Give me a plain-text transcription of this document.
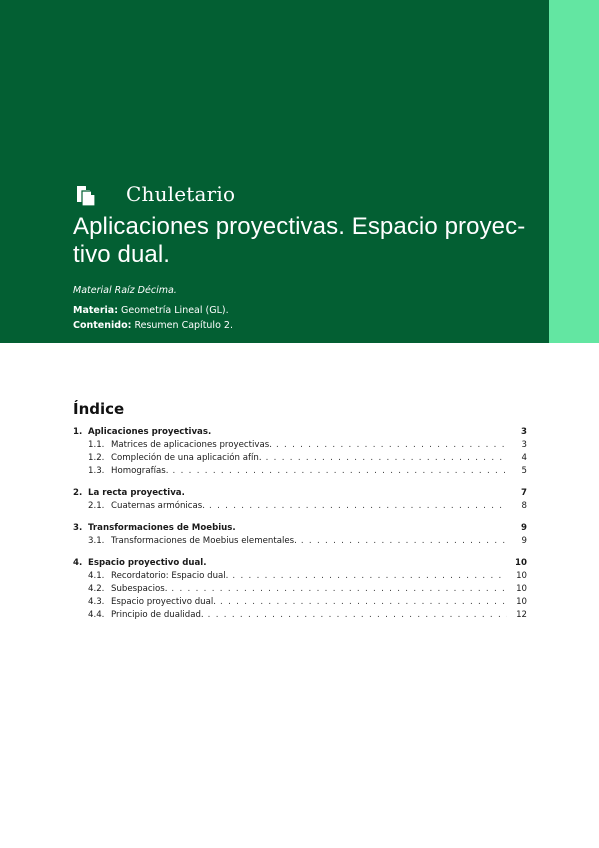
Chuletario
Aplicaciones proyectivas. Espacio proyec-
tivo dual.
Material Raíz Décima.
Materia: Geometría Lineal (GL).
Contenido: Resumen Capítulo 2.
Índice
1. Aplicaciones proyectivas.	3
1.1. Matrices de aplicaciones proyectivas. . . .	3
1.2. Compleción de una aplicación afín. . . .	4
1.3. Homografías. . . .	5
2. La recta proyectiva.	7
2.1. Cuaternas armónicas. . . .	8
3. Transformaciones de Moebius.	9
3.1. Transformaciones de Moebius elementales. . . .	9
4. Espacio proyectivo dual.	10
4.1. Recordatorio: Espacio dual. . . .	10
4.2. Subespacios. . . .	10
4.3. Espacio proyectivo dual. . . .	10
4.4. Principio de dualidad. . . .	12
